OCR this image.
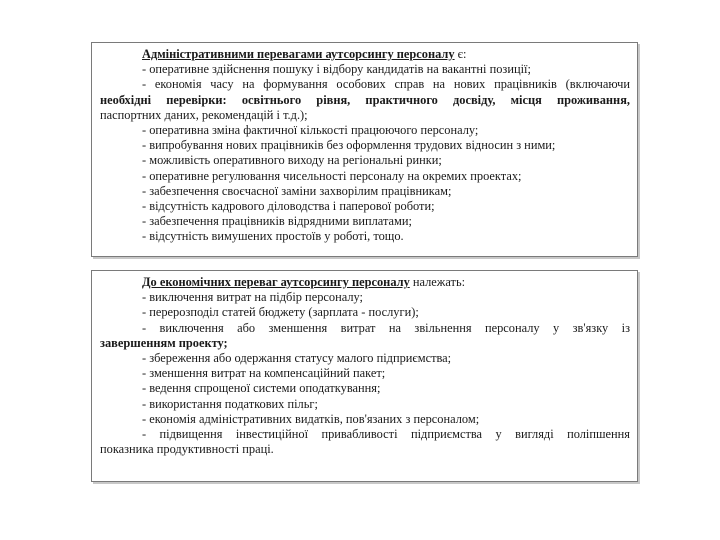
Адміністративними перевагами аутсорсингу персоналу є:
- оперативне здійснення пошуку і відбору кандидатів на вакантні позиції;
- економія часу на формування особових справ на нових працівників (включаючи
необхідні перевірки: освітнього рівня, практичного досвіду, місця проживання,
паспортних даних, рекомендацій і т.д.);
- оперативна зміна фактичної кількості працюючого персоналу;
- випробування нових працівників без оформлення трудових відносин з ними;
- можливість оперативного виходу на регіональні ринки;
- оперативне регулювання чисельності персоналу на окремих проектах;
- забезпечення своєчасної заміни захворілим працівникам;
- відсутність кадрового діловодства і паперової роботи;
- забезпечення працівників відрядними виплатами;
- відсутність вимушених простоїв у роботі, тощо.
До економічних переваг аутсорсингу персоналу належать:
- виключення витрат на підбір персоналу;
- перерозподіл статей бюджету (зарплата - послуги);
- виключення або зменшення витрат на звільнення персоналу у зв'язку із
завершенням проекту;
- збереження або одержання статусу малого підприємства;
- зменшення витрат на компенсаційний пакет;
- ведення спрощеної системи оподаткування;
- використання податкових пільг;
- економія адміністративних видатків, пов'язаних з персоналом;
- підвищення інвестиційної привабливості підприємства у вигляді поліпшення
показника продуктивності праці.
